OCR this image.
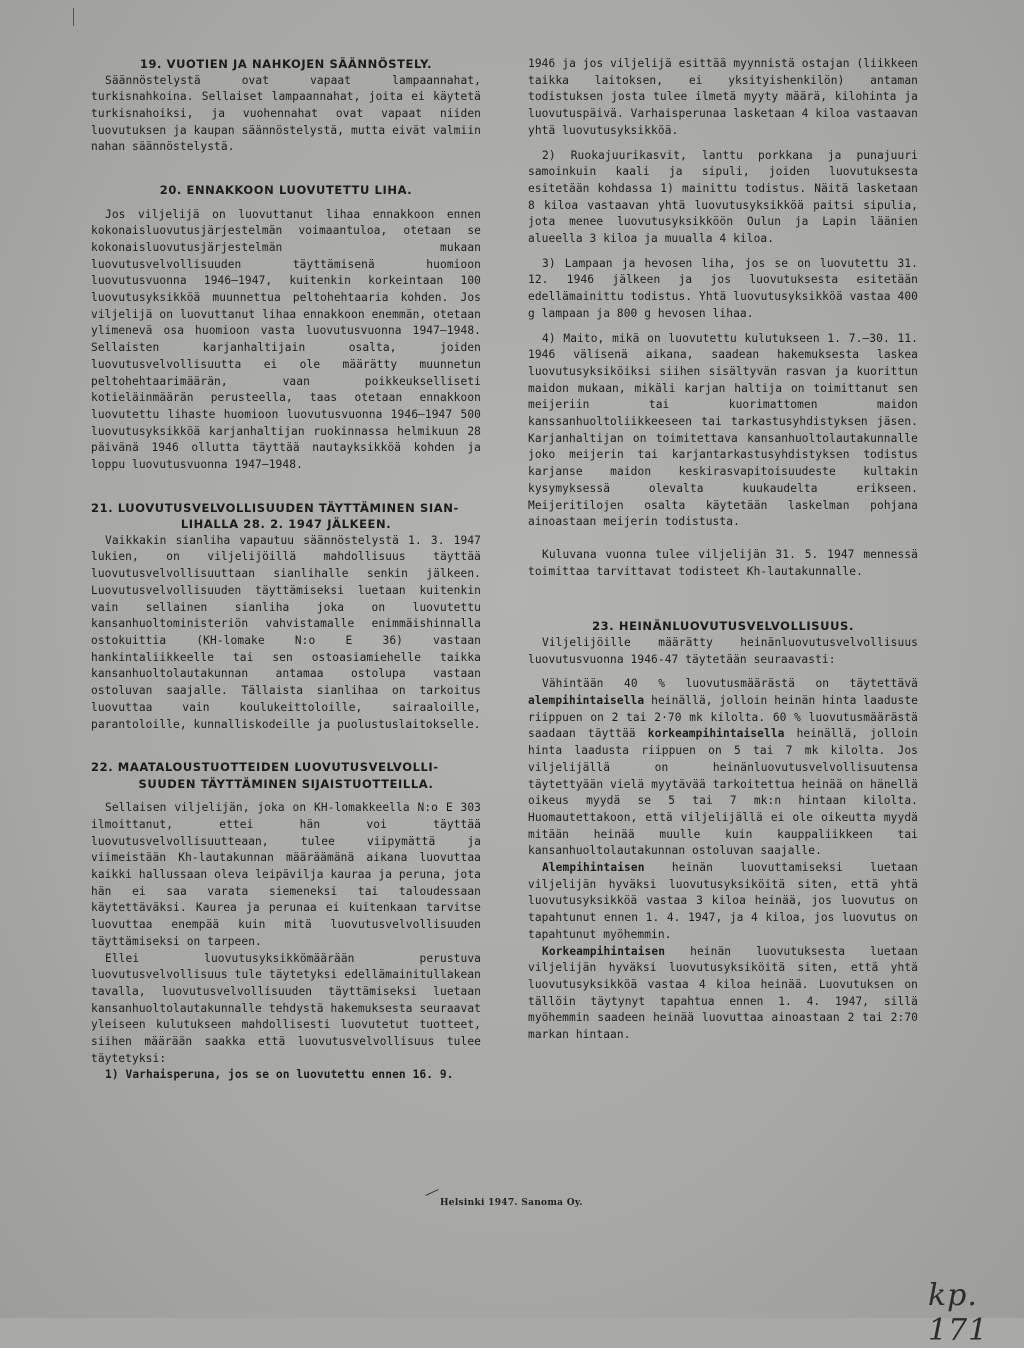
19. VUOTIEN JA NAHKOJEN SÄÄNNÖSTELY.

Säännöstelystä ovat vapaat lampaannahat, turkisnahkoina. Sellaiset lampaannahat, joita ei käytetä turkisnahoiksi, ja vuohennahat ovat vapaat niiden luovutuksen ja kaupan säännöstelystä, mutta eivät valmiin nahan säännöstelystä.

20. ENNAKKOON LUOVUTETTU LIHA.

Jos viljelijä on luovuttanut lihaa ennakkoon ennen kokonaisluovutusjärjestelmän voimaantuloa, otetaan se kokonaisluovutusjärjestelmän mukaan luovutusvelvollisuuden täyttämisenä huomioon luovutusvuonna 1946—1947, kuitenkin korkeintaan 100 luovutusyksikköä muunnettua peltohehtaaria kohden. Jos viljelijä on luovuttanut lihaa ennakkoon enemmän, otetaan ylimenevä osa huomioon vasta luovutusvuonna 1947—1948. Sellaisten karjanhaltijain osalta, joiden luovutusvelvollisuutta ei ole määrätty muunnetun peltohehtaarimäärän, vaan poikkeukselliseti kotieläinmäärän perusteella, taas otetaan ennakkoon luovutettu lihaste huomioon luovutusvuonna 1946—1947 500 luovutusyksikköä karjanhaltijan ruokinnassa helmikuun 28 päivänä 1946 ollutta täyttää nautayksikköä kohden ja loppu luovutusvuonna 1947—1948.

21. LUOVUTUSVELVOLLISUUDEN TÄYTTÄMINEN SIAN-
LIHALLA 28. 2. 1947 JÄLKEEN.

Vaikkakin sianliha vapautuu säännöstelystä 1. 3. 1947 lukien, on viljelijöillä mahdollisuus täyttää luovutusvelvollisuuttaan sianlihalle senkin jälkeen. Luovutusvelvollisuuden täyttämiseksi luetaan kuitenkin vain sellainen sianliha joka on luovutettu kansanhuoltoministeriön vahvistamalle enimmäishinnalla ostokuittia (KH-lomake N:o E 36) vastaan hankintaliikkeelle tai sen ostoasiamiehelle taikka kansanhuoltolautakunnan antamaa ostolupa vastaan ostoluvan saajalle. Tällaista sianlihaa on tarkoitus luovuttaa vain koulukeittoloille, sairaaloille, parantoloille, kunnalliskodeille ja puolustuslaitokselle.

22. MAATALOUSTUOTTEIDEN LUOVUTUSVELVOLLI-
SUUDEN TÄYTTÄMINEN SIJAISTUOTTEILLA.

Sellaisen viljelijän, joka on KH-lomakkeella N:o E 303 ilmoittanut, ettei hän voi täyttää luovutusvelvollisuutteaan, tulee viipymättä ja viimeistään Kh-lautakunnan määräämänä aikana luovuttaa kaikki hallussaan oleva leipävilja kauraa ja peruna, jota hän ei saa varata siemeneksi tai taloudessaan käytettäväksi. Kaurea ja perunaa ei kuitenkaan tarvitse luovuttaa enempää kuin mitä luovutusvelvollisuuden täyttämiseksi on tarpeen.

Ellei luovutusyksikkömäärään perustuva luovutusvelvollisuus tule täytetyksi edellämainitullakean tavalla, luovutusvelvollisuuden täyttämiseksi luetaan kansanhuoltolautakunnalle tehdystä hakemuksesta seuraavat yleiseen kulutukseen mahdollisesti luovutetut tuotteet, siihen määrään saakka että luovutusvelvollisuus tulee täytetyksi:

1) Varhaisperuna, jos se on luovutettu ennen 16. 9.

1946 ja jos viljelijä esittää myynnistä ostajan (liikkeen taikka laitoksen, ei yksityishenkilön) antaman todistuksen josta tulee ilmetä myyty määrä, kilohinta ja luovutuspäivä. Varhaisperunaa lasketaan 4 kiloa vastaavan yhtä luovutusyksikköä.

2) Ruokajuurikasvit, lanttu porkkana ja punajuuri samoinkuin kaali ja sipuli, joiden luovutuksesta esitetään kohdassa 1) mainittu todistus. Näitä lasketaan 8 kiloa vastaavan yhtä luovutusyksikköä paitsi sipulia, jota menee luovutusyksikköön Oulun ja Lapin läänien alueella 3 kiloa ja muualla 4 kiloa.

3) Lampaan ja hevosen liha, jos se on luovutettu 31. 12. 1946 jälkeen ja jos luovutuksesta esitetään edellämainittu todistus. Yhtä luovutusyksikköä vastaa 400 g lampaan ja 800 g hevosen lihaa.

4) Maito, mikä on luovutettu kulutukseen 1. 7.—30. 11. 1946 välisenä aikana, saadean hakemuksesta laskea luovutusyksiköiksi siihen sisältyvän rasvan ja kuorittun maidon mukaan, mikäli karjan haltija on toimittanut sen meijeriin tai kuorimattomen maidon kanssanhuoltoliikkeeseen tai tarkastusyhdistyksen jäsen. Karjanhaltijan on toimitettava kansanhuoltolautakunnalle joko meijerin tai karjantarkastusyhdistyksen todistus karjanse maidon keskirasvapitoisuudeste kultakin kysymyksessä olevalta kuukaudelta erikseen. Meijeritilojen osalta käytetään laskelman pohjana ainoastaan meijerin todistusta.

Kuluvana vuonna tulee viljelijän 31. 5. 1947 mennessä toimittaa tarvittavat todisteet Kh-lautakunnalle.

23. HEINÄNLUOVUTUSVELVOLLISUUS.

Viljelijöille määrätty heinänluovutusvelvollisuus luovutusvuonna 1946-47 täytetään seuraavasti:

Vähintään 40 % luovutusmäärästä on täytettävä alempihintaisella heinällä, jolloin heinän hinta laaduste riippuen on 2 tai 2·70 mk kilolta. 60 % luovutusmäärästä saadaan täyttää korkeampihintaisella heinällä, jolloin hinta laadusta riippuen on 5 tai 7 mk kilolta. Jos viljelijällä on heinänluovutusvelvollisuutensa täytettyään vielä myytävää tarkoitettua heinää on hänellä oikeus myydä se 5 tai 7 mk:n hintaan kilolta. Huomautettakoon, että viljelijällä ei ole oikeutta myydä mitään heinää muulle kuin kauppaliikkeen tai kansanhuoltolautakunnan ostoluvan saajalle.

Alempihintaisen heinän luovuttamiseksi luetaan viljelijän hyväksi luovutusyksiköitä siten, että yhtä luovutusyksikköä vastaa 3 kiloa heinää, jos luovutus on tapahtunut ennen 1. 4. 1947, ja 4 kiloa, jos luovutus on tapahtunut myöhemmin.

Korkeampihintaisen heinän luovutuksesta luetaan viljelijän hyväksi luovutusyksiköitä siten, että yhtä luovutusyksikköä vastaa 4 kiloa heinää. Luovutuksen on tällöin täytynyt tapahtua ennen 1. 4. 1947, sillä myöhemmin saadeen heinää luovuttaa ainoastaan 2 tai 2:70 markan hintaan.

Helsinki 1947. Sanoma Oy.
kp. 171
